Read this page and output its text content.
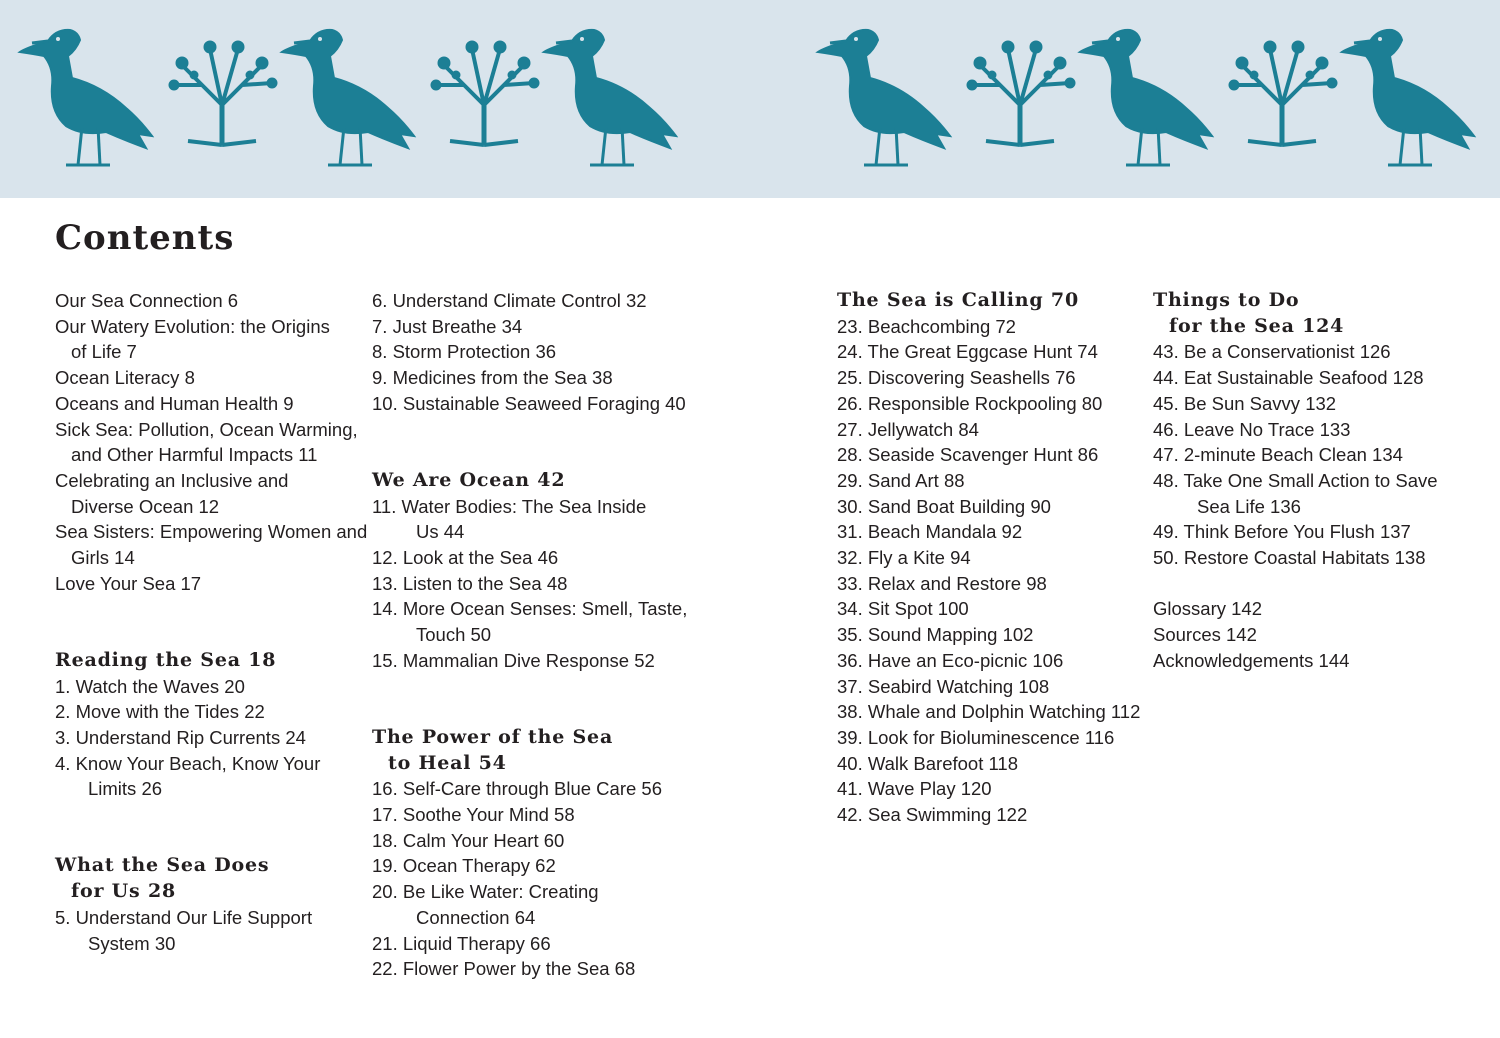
Contents
Our Sea Connection 6
Our Watery Evolution: the Origins
of Life 7
Ocean Literacy 8
Oceans and Human Health 9
Sick Sea: Pollution, Ocean Warming,
and Other Harmful Impacts 11
Celebrating an Inclusive and
Diverse Ocean 12
Sea Sisters: Empowering Women and
Girls 14
Love Your Sea 17
Reading the Sea 18
1. Watch the Waves 20
2. Move with the Tides 22
3. Understand Rip Currents 24
4. Know Your Beach, Know Your
Limits 26
What the Sea Does
for Us 28
5. Understand Our Life Support
System 30
6. Understand Climate Control 32
7. Just Breathe 34
8. Storm Protection 36
9. Medicines from the Sea 38
10. Sustainable Seaweed Foraging 40
We Are Ocean 42
11. Water Bodies: The Sea Inside
Us 44
12. Look at the Sea 46
13. Listen to the Sea 48
14. More Ocean Senses: Smell, Taste,
Touch 50
15. Mammalian Dive Response 52
The Power of the Sea
to Heal 54
16. Self-Care through Blue Care 56
17. Soothe Your Mind 58
18. Calm Your Heart 60
19. Ocean Therapy 62
20. Be Like Water: Creating
Connection 64
21. Liquid Therapy 66
22. Flower Power by the Sea 68
The Sea is Calling 70
23. Beachcombing 72
24. The Great Eggcase Hunt 74
25. Discovering Seashells 76
26. Responsible Rockpooling 80
27. Jellywatch 84
28. Seaside Scavenger Hunt 86
29. Sand Art 88
30. Sand Boat Building 90
31. Beach Mandala 92
32. Fly a Kite 94
33. Relax and Restore 98
34. Sit Spot 100
35. Sound Mapping 102
36. Have an Eco-picnic 106
37. Seabird Watching 108
38. Whale and Dolphin Watching 112
39. Look for Bioluminescence 116
40. Walk Barefoot 118
41. Wave Play 120
42. Sea Swimming 122
Things to Do
for the Sea 124
43. Be a Conservationist 126
44. Eat Sustainable Seafood 128
45. Be Sun Savvy 132
46. Leave No Trace 133
47. 2-minute Beach Clean 134
48. Take One Small Action to Save
Sea Life 136
49. Think Before You Flush 137
50. Restore Coastal Habitats 138
Glossary 142
Sources 142
Acknowledgements 144
